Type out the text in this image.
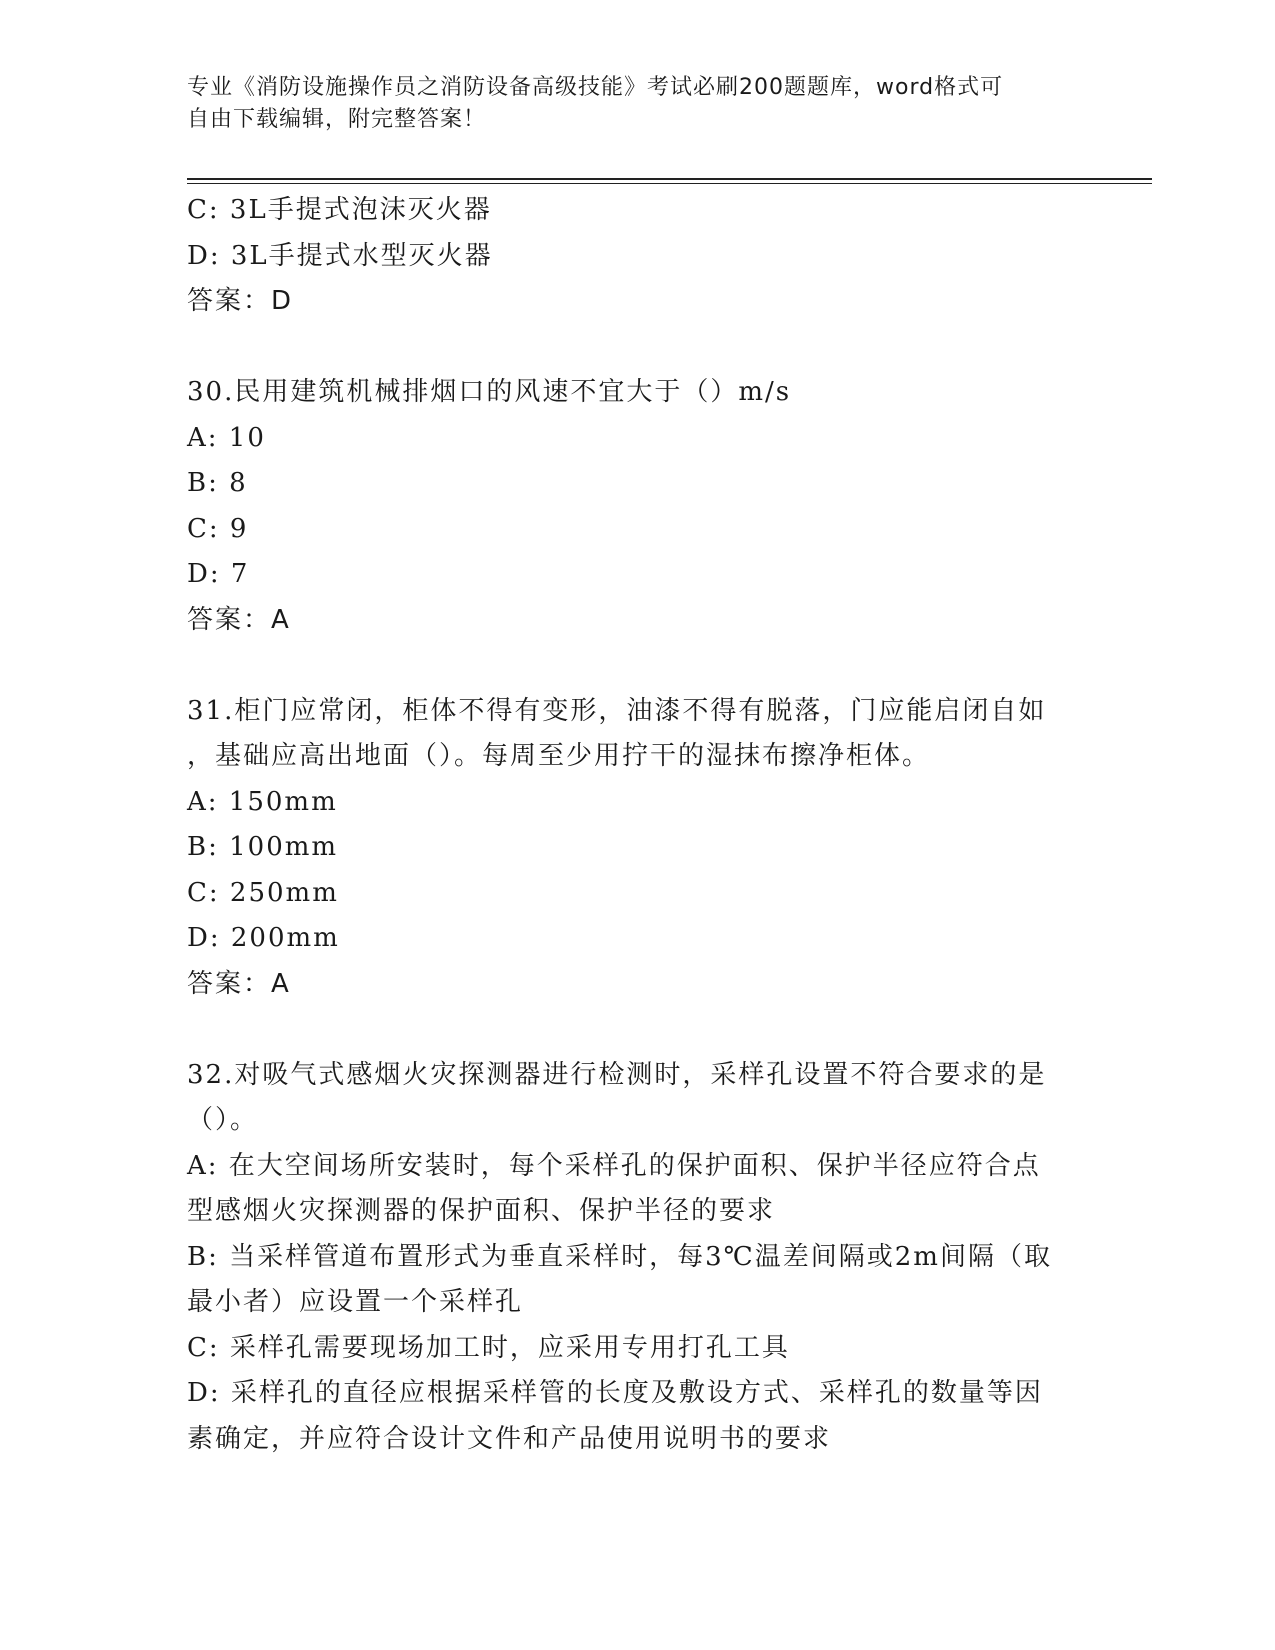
专业《消防设施操作员之消防设备高级技能》考试必刷200题题库，word格式可
自由下载编辑，附完整答案！
C: 3L手提式泡沫灭火器
D: 3L手提式水型灭火器
答案：D
30.民用建筑机械排烟口的风速不宜大于（）m/s
A: 10
B: 8
C: 9
D: 7
答案：A
31.柜门应常闭，柜体不得有变形，油漆不得有脱落，门应能启闭自如
，基础应高出地面（）。每周至少用拧干的湿抹布擦净柜体。
A: 150mm
B: 100mm
C: 250mm
D: 200mm
答案：A
32.对吸气式感烟火灾探测器进行检测时，采样孔设置不符合要求的是
（）。
A: 在大空间场所安装时，每个采样孔的保护面积、保护半径应符合点
型感烟火灾探测器的保护面积、保护半径的要求
B: 当采样管道布置形式为垂直采样时，每3℃温差间隔或2m间隔（取
最小者）应设置一个采样孔
C: 采样孔需要现场加工时，应采用专用打孔工具
D: 采样孔的直径应根据采样管的长度及敷设方式、采样孔的数量等因
素确定，并应符合设计文件和产品使用说明书的要求
